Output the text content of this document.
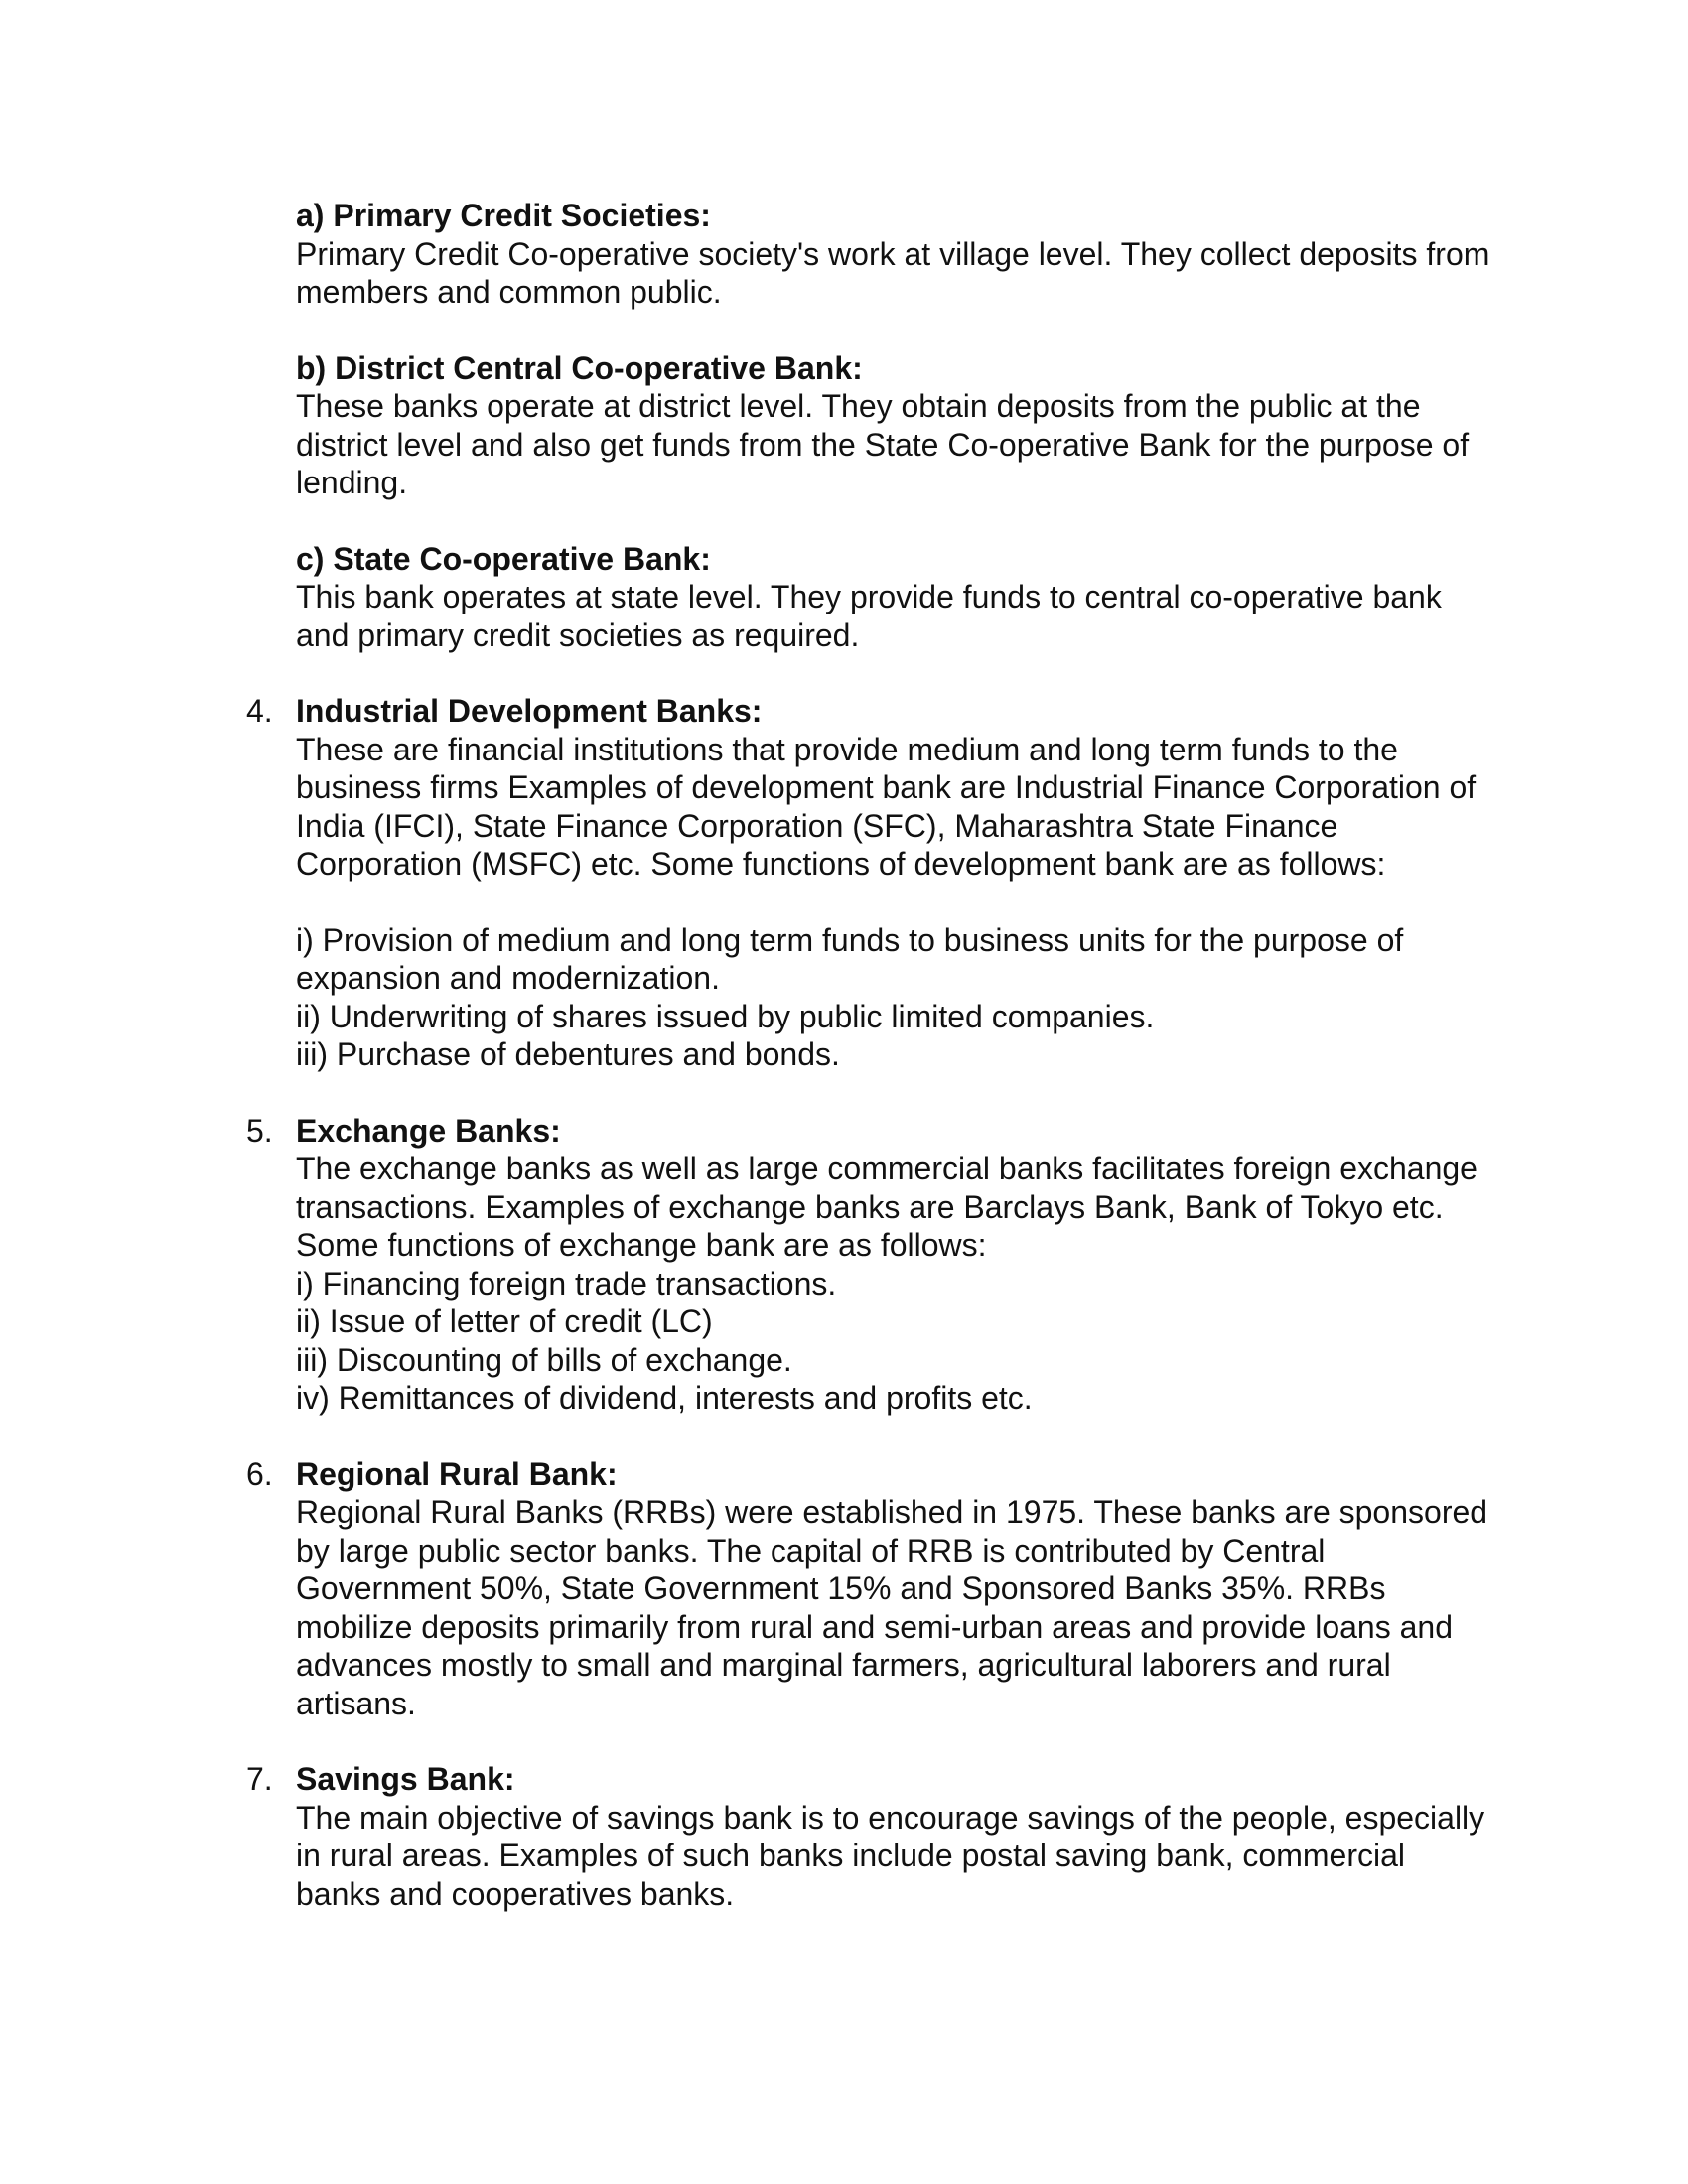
a) Primary Credit Societies:
Primary Credit Co-operative society's work at village level. They collect deposits from members and common public.
b) District Central Co-operative Bank:
These banks operate at district level. They obtain deposits from the public at the district level and also get funds from the State Co-operative Bank for the purpose of lending.
c) State Co-operative Bank:
This bank operates at state level. They provide funds to central co-operative bank and primary credit societies as required.
4. Industrial Development Banks:
These are financial institutions that provide medium and long term funds to the business firms Examples of development bank are Industrial Finance Corporation of India (IFCI), State Finance Corporation (SFC), Maharashtra State Finance Corporation (MSFC) etc. Some functions of development bank are as follows:
i) Provision of medium and long term funds to business units for the purpose of expansion and modernization.
ii) Underwriting of shares issued by public limited companies.
iii) Purchase of debentures and bonds.
5. Exchange Banks:
The exchange banks as well as large commercial banks facilitates foreign exchange transactions. Examples of exchange banks are Barclays Bank, Bank of Tokyo etc. Some functions of exchange bank are as follows:
i) Financing foreign trade transactions.
ii) Issue of letter of credit (LC)
iii) Discounting of bills of exchange.
iv) Remittances of dividend, interests and profits etc.
6. Regional Rural Bank:
Regional Rural Banks (RRBs) were established in 1975. These banks are sponsored by large public sector banks. The capital of RRB is contributed by Central Government 50%, State Government 15% and Sponsored Banks 35%. RRBs mobilize deposits primarily from rural and semi-urban areas and provide loans and advances mostly to small and marginal farmers, agricultural laborers and rural artisans.
7. Savings Bank:
The main objective of savings bank is to encourage savings of the people, especially in rural areas. Examples of such banks include postal saving bank, commercial banks and cooperatives banks.
